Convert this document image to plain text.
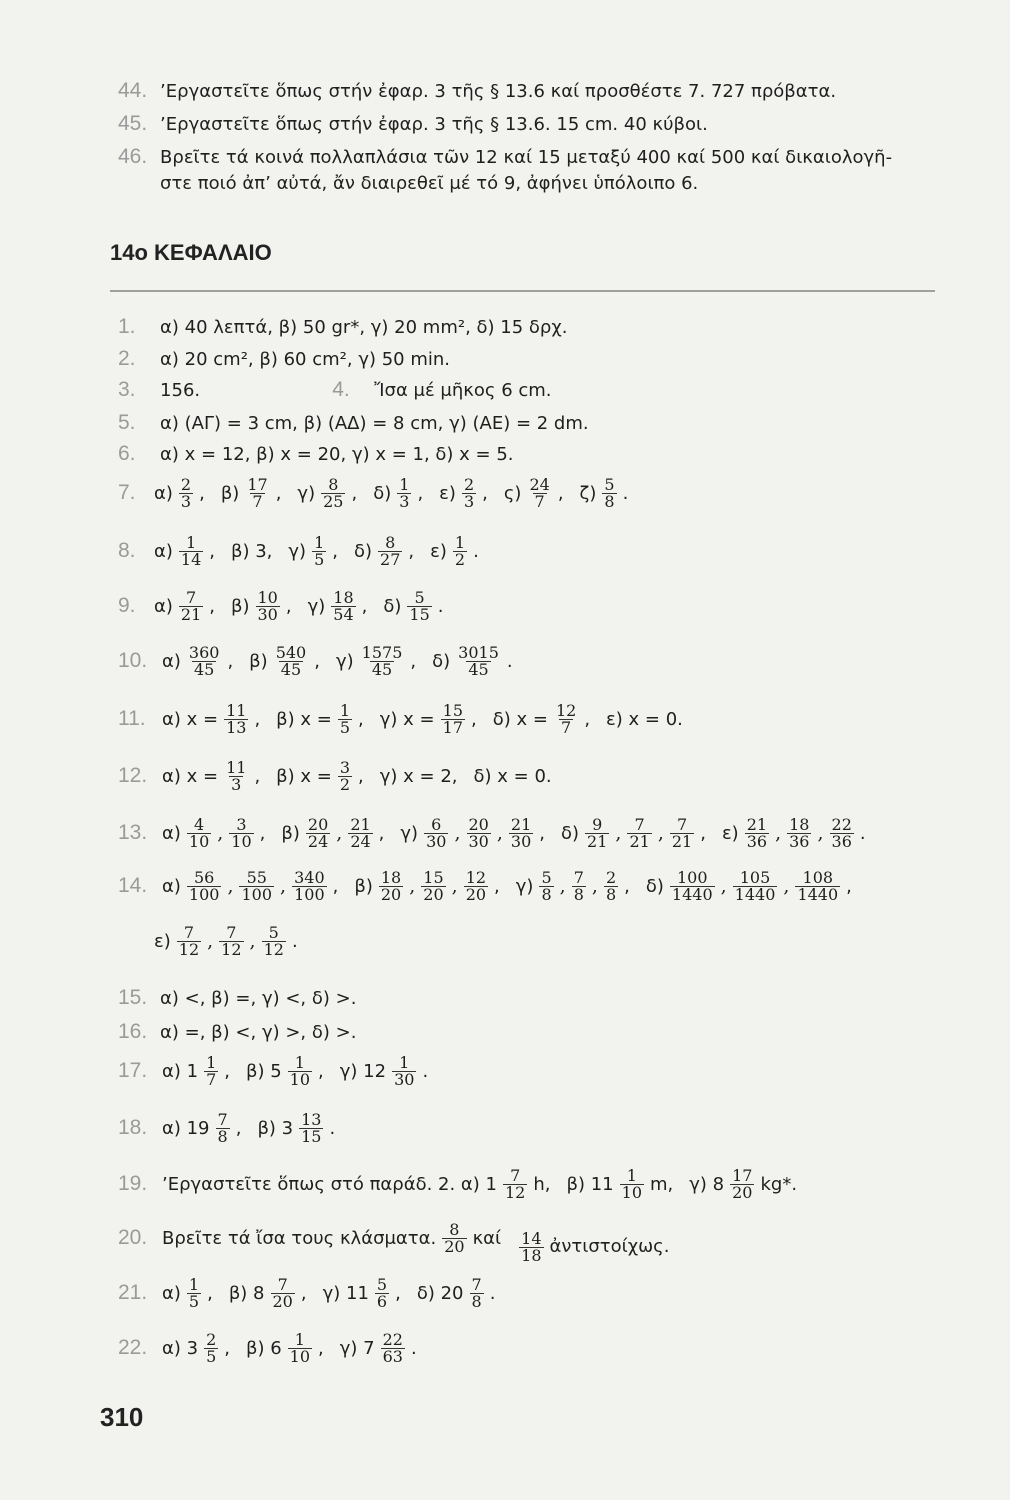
44. ’Εργαστεῖτε ὅπως στήν ἐφαρ. 3 τῆς § 13.6 καί προσθέστε 7. 727 πρόβατα.
45. ’Εργαστεῖτε ὅπως στήν ἐφαρ. 3 τῆς § 13.6. 15 cm. 40 κύβοι.
46. Βρεῖτε τά κοινά πολλαπλάσια τῶν 12 καί 15 μεταξύ 400 καί 500 καί δικαιολογῆ-
στε ποιό ἀπ’ αὐτά, ἄν διαιρεθεῖ μέ τό 9, ἀφήνει ὑπόλοιπο 6.
14ο ΚΕΦΑΛΑΙΟ
1. α) 40 λεπτά, β) 50 gr*, γ) 20 mm², δ) 15 δρχ.
2. α) 20 cm², β) 60 cm², γ) 50 min.
3. 156.	4. Ἴσα μέ μῆκος 6 cm.
5. α) (ΑΓ) = 3 cm, β) (ΑΔ) = 8 cm, γ) (ΑΕ) = 2 dm.
6. α) x = 12, β) x = 20, γ) x = 1, δ) x = 5.
7. $\alpha) \frac{2}{3}$ , $\beta) \frac{17}{7}$ , $\gamma) \frac{8}{25}$ , $\delta) \frac{1}{3}$ , $\varepsilon) \frac{2}{3}$ , $\varsigma) \frac{24}{7}$ , $\zeta) \frac{5}{8}$ .
8. $\alpha) \frac{1}{14}$ , β) 3, $\gamma) \frac{1}{5}$ , $\delta) \frac{8}{27}$ , $\varepsilon) \frac{1}{2}$ .
9. $\alpha) \frac{7}{21}$ , $\beta) \frac{10}{30}$ , $\gamma) \frac{18}{54}$ , $\delta) \frac{5}{15}$ .
10. $\alpha) \frac{360}{45}$ , $\beta) \frac{540}{45}$ , $\gamma) \frac{1575}{45}$ , $\delta) \frac{3015}{45}$ .
11. α) $x = \frac{11}{13}$ , β) $x = \frac{1}{5}$ , γ) $x = \frac{15}{17}$ , δ) $x = \frac{12}{7}$ , ε) x = 0.
12. α) $x = \frac{11}{3}$ , β) $x = \frac{3}{2}$ , γ) x = 2, δ) x = 0.
13. $\alpha) \frac{4}{10}$ , $\frac{3}{10}$ , $\beta) \frac{20}{24}$ , $\frac{21}{24}$ , $\gamma) \frac{6}{30}$ , $\frac{20}{30}$ , $\frac{21}{30}$ , $\delta) \frac{9}{21}$ , $\frac{7}{21}$ , $\frac{7}{21}$ , $\varepsilon) \frac{21}{36}$ , $\frac{18}{36}$ , $\frac{22}{36}$ .
14. $\alpha) \frac{56}{100}$ , $\frac{55}{100}$ , $\frac{340}{100}$ , $\beta) \frac{18}{20}$ , $\frac{15}{20}$ , $\frac{12}{20}$ , $\gamma) \frac{5}{8}$ , $\frac{7}{8}$ , $\frac{2}{8}$ , $\delta) \frac{100}{1440}$ , $\frac{105}{1440}$ , $\frac{108}{1440}$ ,
$\varepsilon) \frac{7}{12}$ , $\frac{7}{12}$ , $\frac{5}{12}$ .
15. α) <, β) =, γ) <, δ) >.
16. α) =, β) <, γ) >, δ) >.
17. α) $1 \frac{1}{7}$ , β) $5 \frac{1}{10}$ , γ) $12 \frac{1}{30}$ .
18. α) $19 \frac{7}{8}$ , β) $3 \frac{13}{15}$ .
19. ’Εργαστεῖτε ὅπως στό παράδ. 2. α) $1 \frac{7}{12} h$, β) $11 \frac{1}{10} m$, γ) $8 \frac{17}{20} kg*$.
20. Βρεῖτε τά ἴσα τους κλάσματα. $\frac{8}{20}$ καί $\frac{14}{18}$ ἀντιστοίχως.
21. $\alpha) \frac{1}{5}$ , β) $8 \frac{7}{20}$ , γ) $11 \frac{5}{6}$ , δ) $20 \frac{7}{8}$ .
22. α) $3 \frac{2}{5}$ , β) $6 \frac{1}{10}$ , γ) $7 \frac{22}{63}$ .
310
